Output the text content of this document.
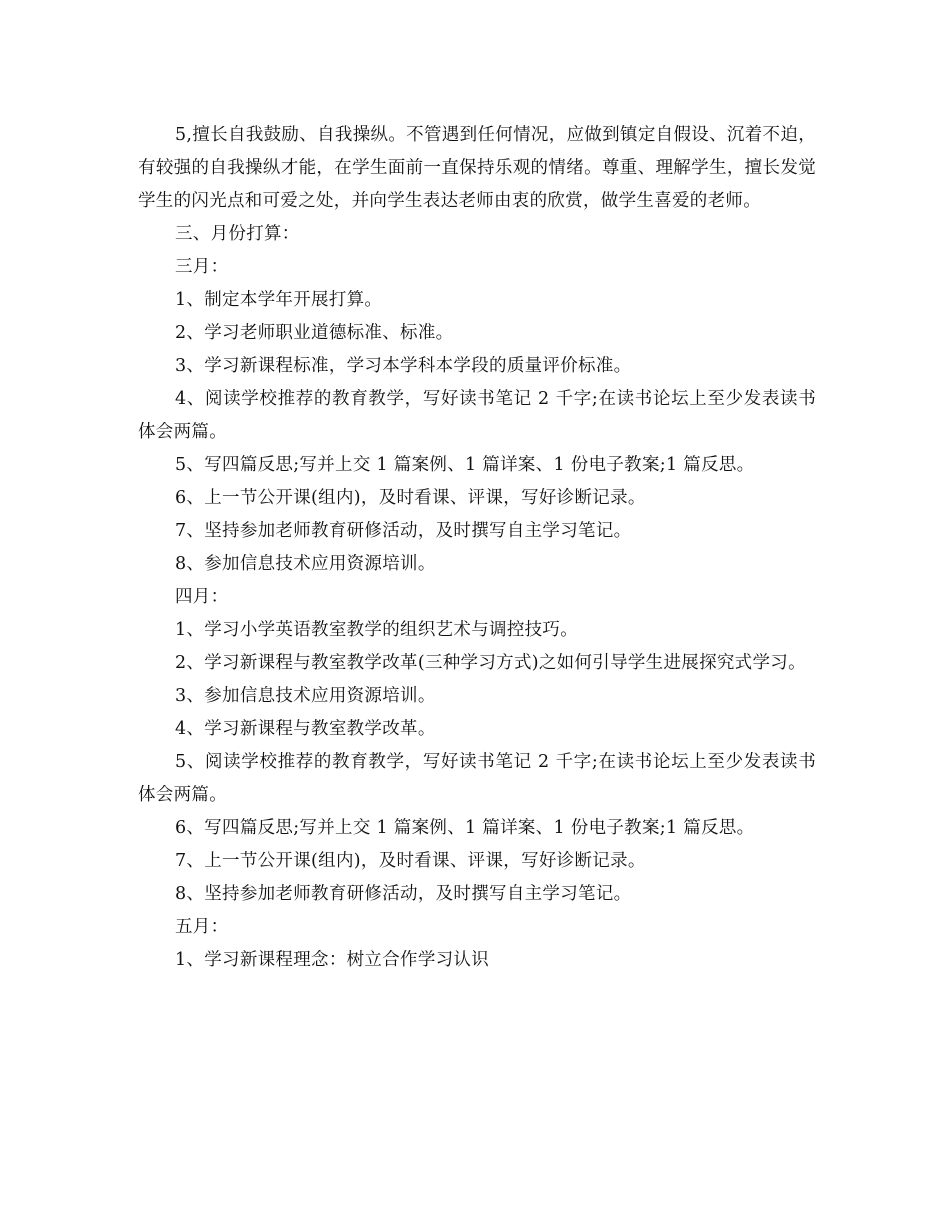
5,擅长自我鼓励、自我操纵。不管遇到任何情况，应做到镇定自假设、沉着不迫，有较强的自我操纵才能，在学生面前一直保持乐观的情绪。尊重、理解学生，擅长发觉学生的闪光点和可爱之处，并向学生表达老师由衷的欣赏，做学生喜爱的老师。

三、月份打算：

三月：

1、制定本学年开展打算。

2、学习老师职业道德标准、标准。

3、学习新课程标准，学习本学科本学段的质量评价标准。

4、阅读学校推荐的教育教学，写好读书笔记 2 千字;在读书论坛上至少发表读书体会两篇。

5、写四篇反思;写并上交 1 篇案例、1 篇详案、1 份电子教案;1 篇反思。

6、上一节公开课(组内)，及时看课、评课，写好诊断记录。

7、坚持参加老师教育研修活动，及时撰写自主学习笔记。

8、参加信息技术应用资源培训。

四月：

1、学习小学英语教室教学的组织艺术与调控技巧。

2、学习新课程与教室教学改革(三种学习方式)之如何引导学生进展探究式学习。

3、参加信息技术应用资源培训。

4、学习新课程与教室教学改革。

5、阅读学校推荐的教育教学，写好读书笔记 2 千字;在读书论坛上至少发表读书体会两篇。

6、写四篇反思;写并上交 1 篇案例、1 篇详案、1 份电子教案;1 篇反思。

7、上一节公开课(组内)，及时看课、评课，写好诊断记录。

8、坚持参加老师教育研修活动，及时撰写自主学习笔记。

五月：

1、学习新课程理念：树立合作学习认识
